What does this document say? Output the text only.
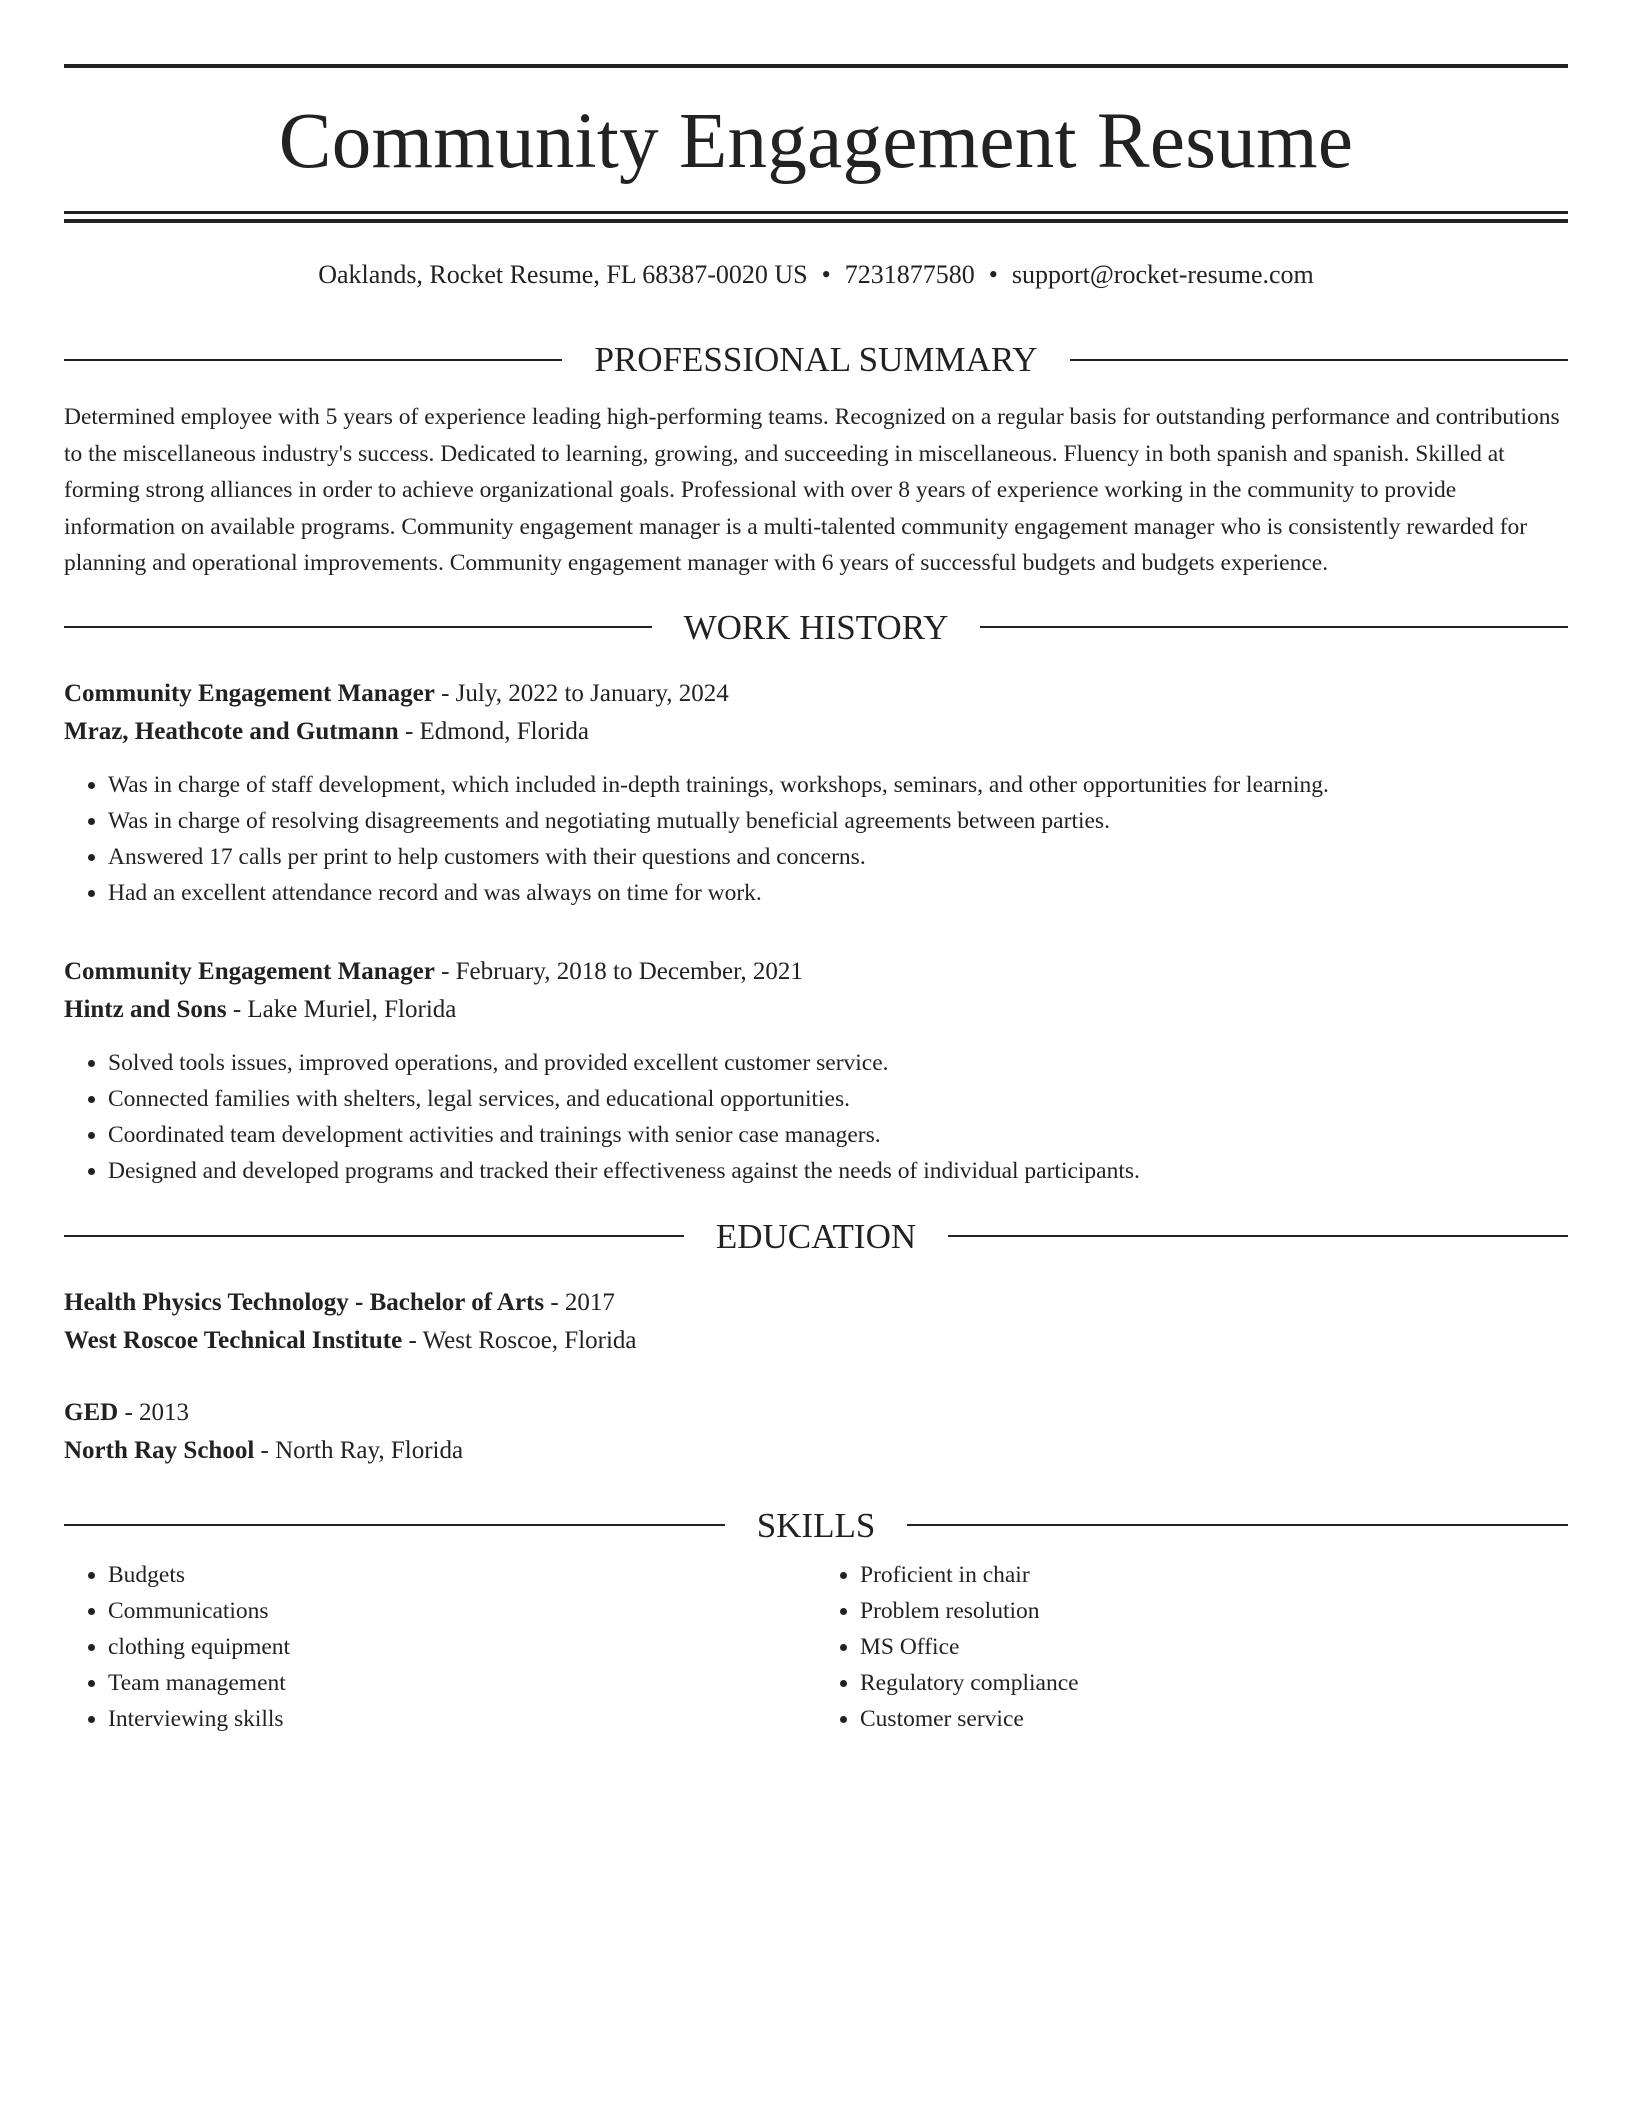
Community Engagement Resume
Oaklands, Rocket Resume, FL 68387-0020 US • 7231877580 • support@rocket-resume.com
PROFESSIONAL SUMMARY

Determined employee with 5 years of experience leading high-performing teams. Recognized on a regular basis for outstanding performance and contributions to the miscellaneous industry's success. Dedicated to learning, growing, and succeeding in miscellaneous. Fluency in both spanish and spanish. Skilled at forming strong alliances in order to achieve organizational goals. Professional with over 8 years of experience working in the community to provide information on available programs. Community engagement manager is a multi-talented community engagement manager who is consistently rewarded for planning and operational improvements. Community engagement manager with 6 years of successful budgets and budgets experience.

WORK HISTORY
Community Engagement Manager - July, 2022 to January, 2024
Mraz, Heathcote and Gutmann - Edmond, Florida
• Was in charge of staff development, which included in-depth trainings, workshops, seminars, and other opportunities for learning.
• Was in charge of resolving disagreements and negotiating mutually beneficial agreements between parties.
• Answered 17 calls per print to help customers with their questions and concerns.
• Had an excellent attendance record and was always on time for work.
Community Engagement Manager - February, 2018 to December, 2021
Hintz and Sons - Lake Muriel, Florida
• Solved tools issues, improved operations, and provided excellent customer service.
• Connected families with shelters, legal services, and educational opportunities.
• Coordinated team development activities and trainings with senior case managers.
• Designed and developed programs and tracked their effectiveness against the needs of individual participants.
EDUCATION
Health Physics Technology - Bachelor of Arts - 2017
West Roscoe Technical Institute - West Roscoe, Florida
GED - 2013
North Ray School - North Ray, Florida
SKILLS
• Budgets
• Communications
• clothing equipment
• Team management
• Interviewing skills
• Proficient in chair
• Problem resolution
• MS Office
• Regulatory compliance
• Customer service
